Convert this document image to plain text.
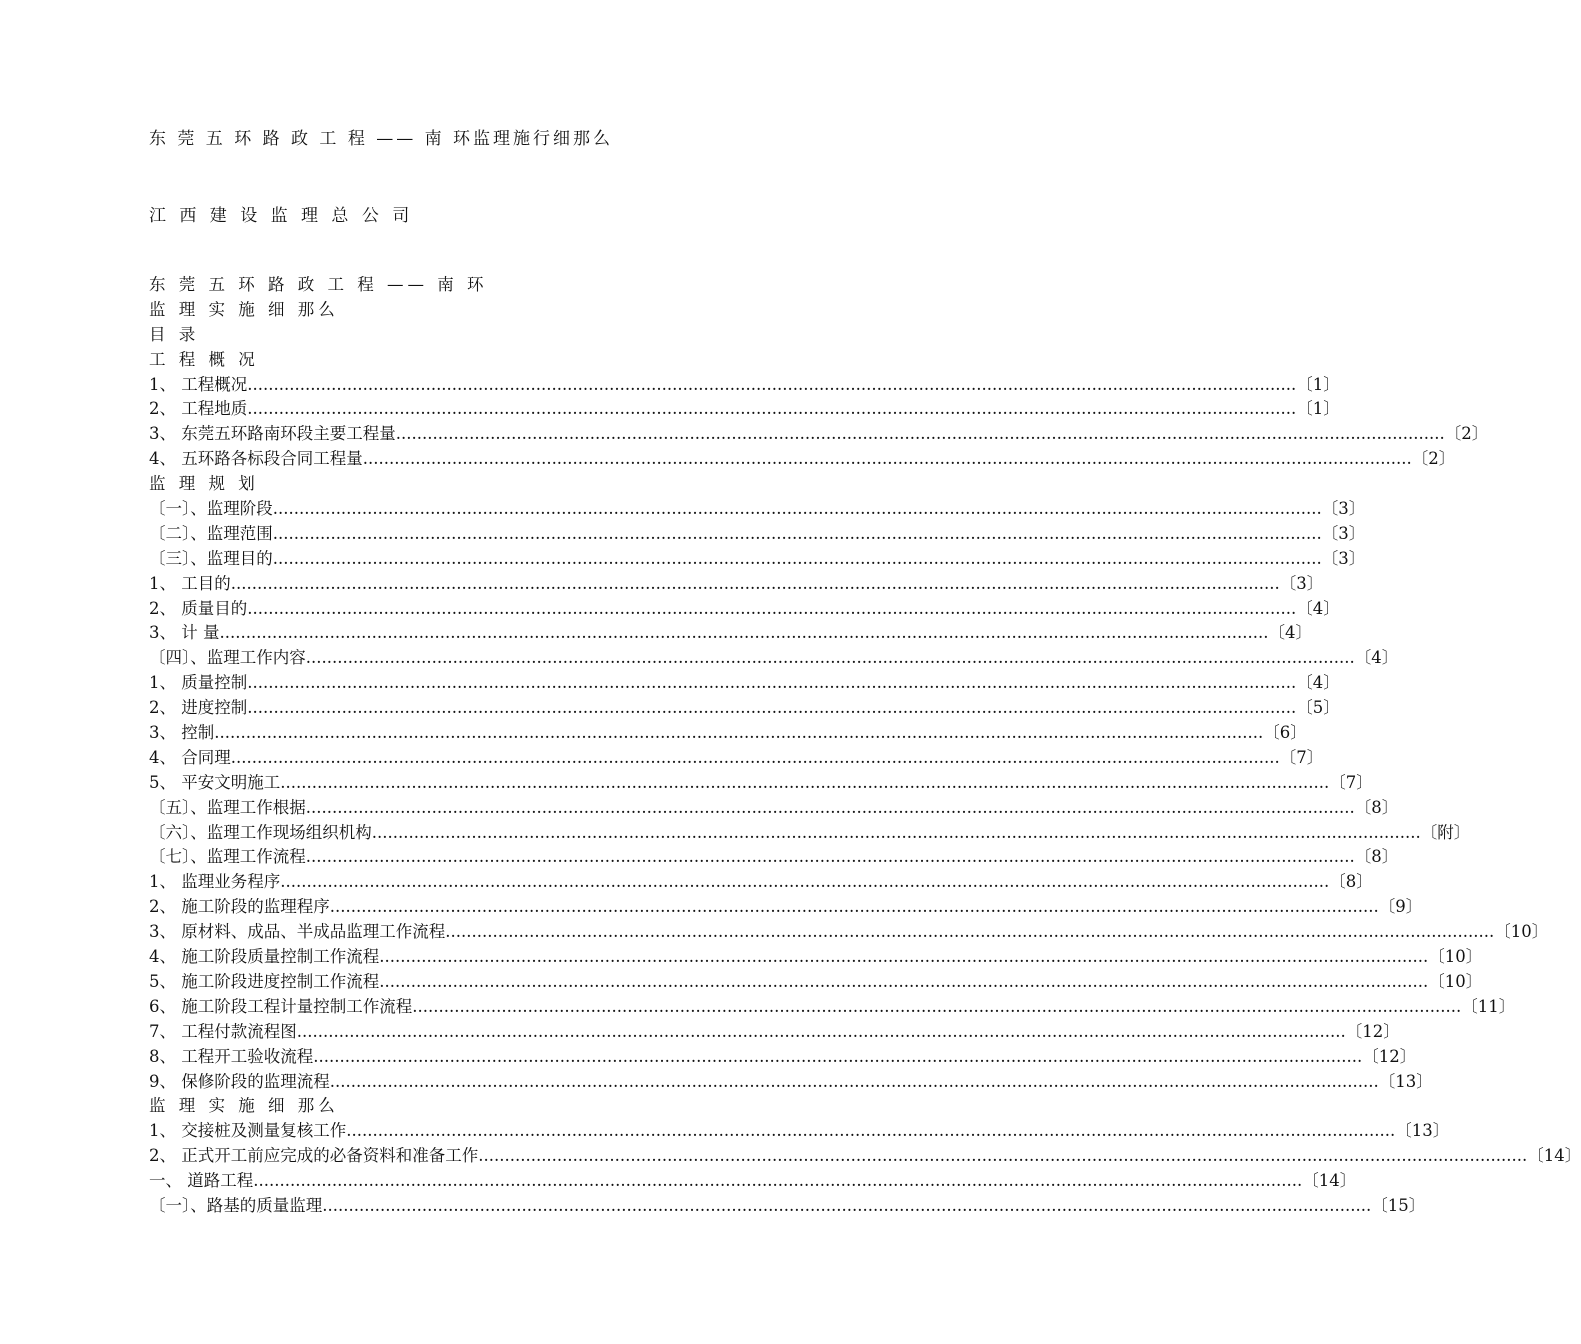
东 莞 五 环 路 政 工 程 —— 南 环监理施行细那么
江 西 建 设 监 理 总 公 司
东 莞 五 环 路 政 工 程 —— 南 环
监 理 实 施 细 那么
目 录
工 程 概 况
1、 工程概况 ........................................................................................................................................................................................................ 〔1〕
2、 工程地质 ........................................................................................................................................................................................................ 〔1〕
3、 东莞五环路南环段主要工程量 ........................................................................................................................................................................................................ 〔2〕
4、 五环路各标段合同工程量 ........................................................................................................................................................................................................ 〔2〕
监 理 规 划
〔一〕、监理阶段 ........................................................................................................................................................................................................ 〔3〕
〔二〕、监理范围 ........................................................................................................................................................................................................ 〔3〕
〔三〕、监理目的 ........................................................................................................................................................................................................ 〔3〕
1、 工目的 ........................................................................................................................................................................................................ 〔3〕
2、 质量目的 ........................................................................................................................................................................................................ 〔4〕
3、 计 量 ........................................................................................................................................................................................................ 〔4〕
〔四〕、监理工作内容 ........................................................................................................................................................................................................ 〔4〕
1、 质量控制 ........................................................................................................................................................................................................ 〔4〕
2、 进度控制 ........................................................................................................................................................................................................ 〔5〕
3、 控制 ........................................................................................................................................................................................................ 〔6〕
4、 合同理 ........................................................................................................................................................................................................ 〔7〕
5、 平安文明施工 ........................................................................................................................................................................................................ 〔7〕
〔五〕、监理工作根据 ........................................................................................................................................................................................................ 〔8〕
〔六〕、监理工作现场组织机构 ........................................................................................................................................................................................................ 〔附〕
〔七〕、监理工作流程 ........................................................................................................................................................................................................ 〔8〕
1、 监理业务程序 ........................................................................................................................................................................................................ 〔8〕
2、 施工阶段的监理程序 ........................................................................................................................................................................................................ 〔9〕
3、 原材料、成品、半成品监理工作流程 ........................................................................................................................................................................................................ 〔10〕
4、 施工阶段质量控制工作流程 ........................................................................................................................................................................................................ 〔10〕
5、 施工阶段进度控制工作流程 ........................................................................................................................................................................................................ 〔10〕
6、 施工阶段工程计量控制工作流程 ........................................................................................................................................................................................................ 〔11〕
7、 工程付款流程图 ........................................................................................................................................................................................................ 〔12〕
8、 工程开工验收流程 ........................................................................................................................................................................................................ 〔12〕
9、 保修阶段的监理流程 ........................................................................................................................................................................................................ 〔13〕
监 理 实 施 细 那么
1、 交接桩及测量复核工作 ........................................................................................................................................................................................................ 〔13〕
2、 正式开工前应完成的必备资料和准备工作 ........................................................................................................................................................................................................ 〔14〕
一、 道路工程 ........................................................................................................................................................................................................ 〔14〕
〔一〕、路基的质量监理 ........................................................................................................................................................................................................ 〔15〕
